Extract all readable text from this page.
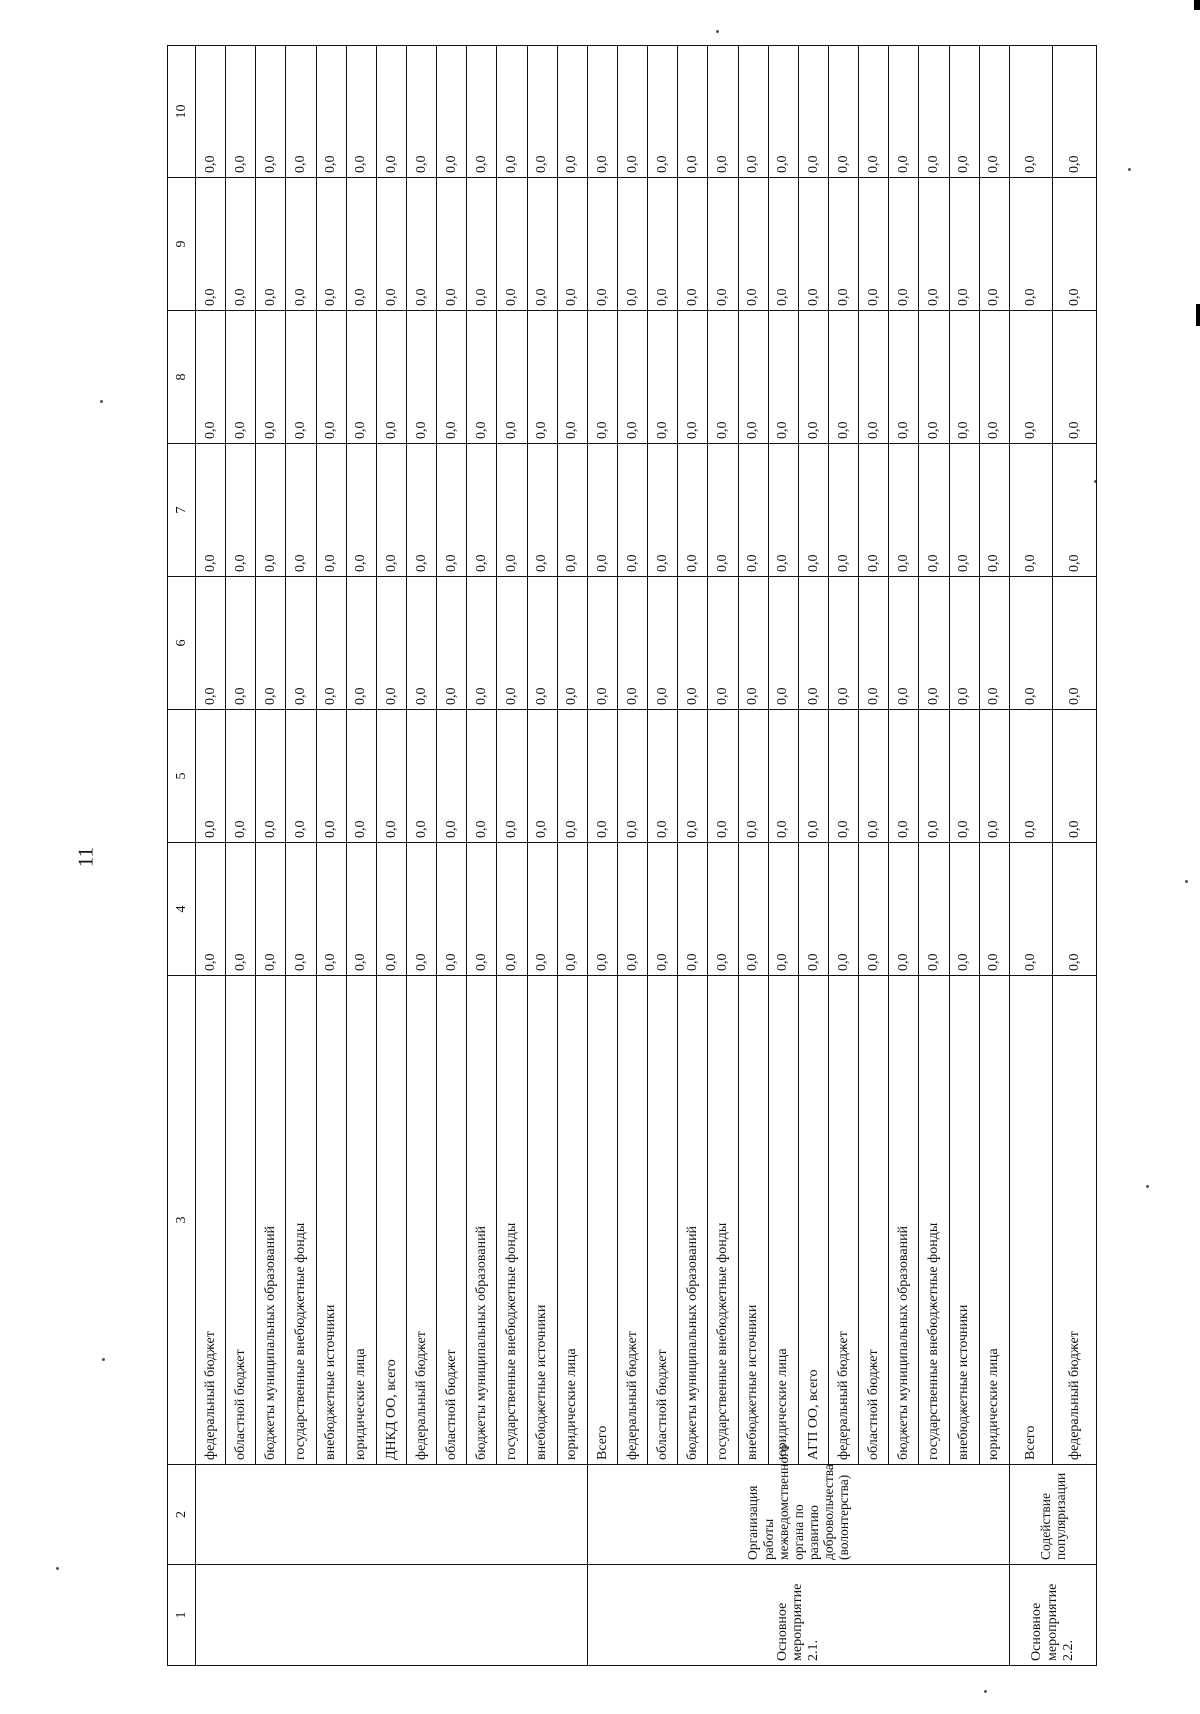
11
1	2	3	4	5	6	7	8	9	10
		федеральный бюджет	0,0	0,0	0,0	0,0	0,0	0,0	0,0
		областной бюджет	0,0	0,0	0,0	0,0	0,0	0,0	0,0
		бюджеты муниципальных образований	0,0	0,0	0,0	0,0	0,0	0,0	0,0
		государственные внебюджетные фонды	0,0	0,0	0,0	0,0	0,0	0,0	0,0
		внебюджетные источники	0,0	0,0	0,0	0,0	0,0	0,0	0,0
		юридические лица	0,0	0,0	0,0	0,0	0,0	0,0	0,0
		ДНКД ОО, всего	0,0	0,0	0,0	0,0	0,0	0,0	0,0
		федеральный бюджет	0,0	0,0	0,0	0,0	0,0	0,0	0,0
		областной бюджет	0,0	0,0	0,0	0,0	0,0	0,0	0,0
		бюджеты муниципальных образований	0,0	0,0	0,0	0,0	0,0	0,0	0,0
		государственные внебюджетные фонды	0,0	0,0	0,0	0,0	0,0	0,0	0,0
		внебюджетные источники	0,0	0,0	0,0	0,0	0,0	0,0	0,0
		юридические лица	0,0	0,0	0,0	0,0	0,0	0,0	0,0
Основное мероприятие 2.1.	Организация работы межведомственного органа по развитию добровольчества (волонтерства)	Всего	0,0	0,0	0,0	0,0	0,0	0,0	0,0
		федеральный бюджет	0,0	0,0	0,0	0,0	0,0	0,0	0,0
		областной бюджет	0,0	0,0	0,0	0,0	0,0	0,0	0,0
		бюджеты муниципальных образований	0,0	0,0	0,0	0,0	0,0	0,0	0,0
		государственные внебюджетные фонды	0,0	0,0	0,0	0,0	0,0	0,0	0,0
		внебюджетные источники	0,0	0,0	0,0	0,0	0,0	0,0	0,0
		юридические лица	0,0	0,0	0,0	0,0	0,0	0,0	0,0
		АГП ОО, всего	0,0	0,0	0,0	0,0	0,0	0,0	0,0
		федеральный бюджет	0,0	0,0	0,0	0,0	0,0	0,0	0,0
		областной бюджет	0,0	0,0	0,0	0,0	0,0	0,0	0,0
		бюджеты муниципальных образований	0,0	0,0	0,0	0,0	0,0	0,0	0,0
		государственные внебюджетные фонды	0,0	0,0	0,0	0,0	0,0	0,0	0,0
		внебюджетные источники	0,0	0,0	0,0	0,0	0,0	0,0	0,0
		юридические лица	0,0	0,0	0,0	0,0	0,0	0,0	0,0
Основное мероприятие 2.2.	Содействие популяризации	Всего	0,0	0,0	0,0	0,0	0,0	0,0	0,0
		федеральный бюджет	0,0	0,0	0,0	0,0	0,0	0,0	0,0
